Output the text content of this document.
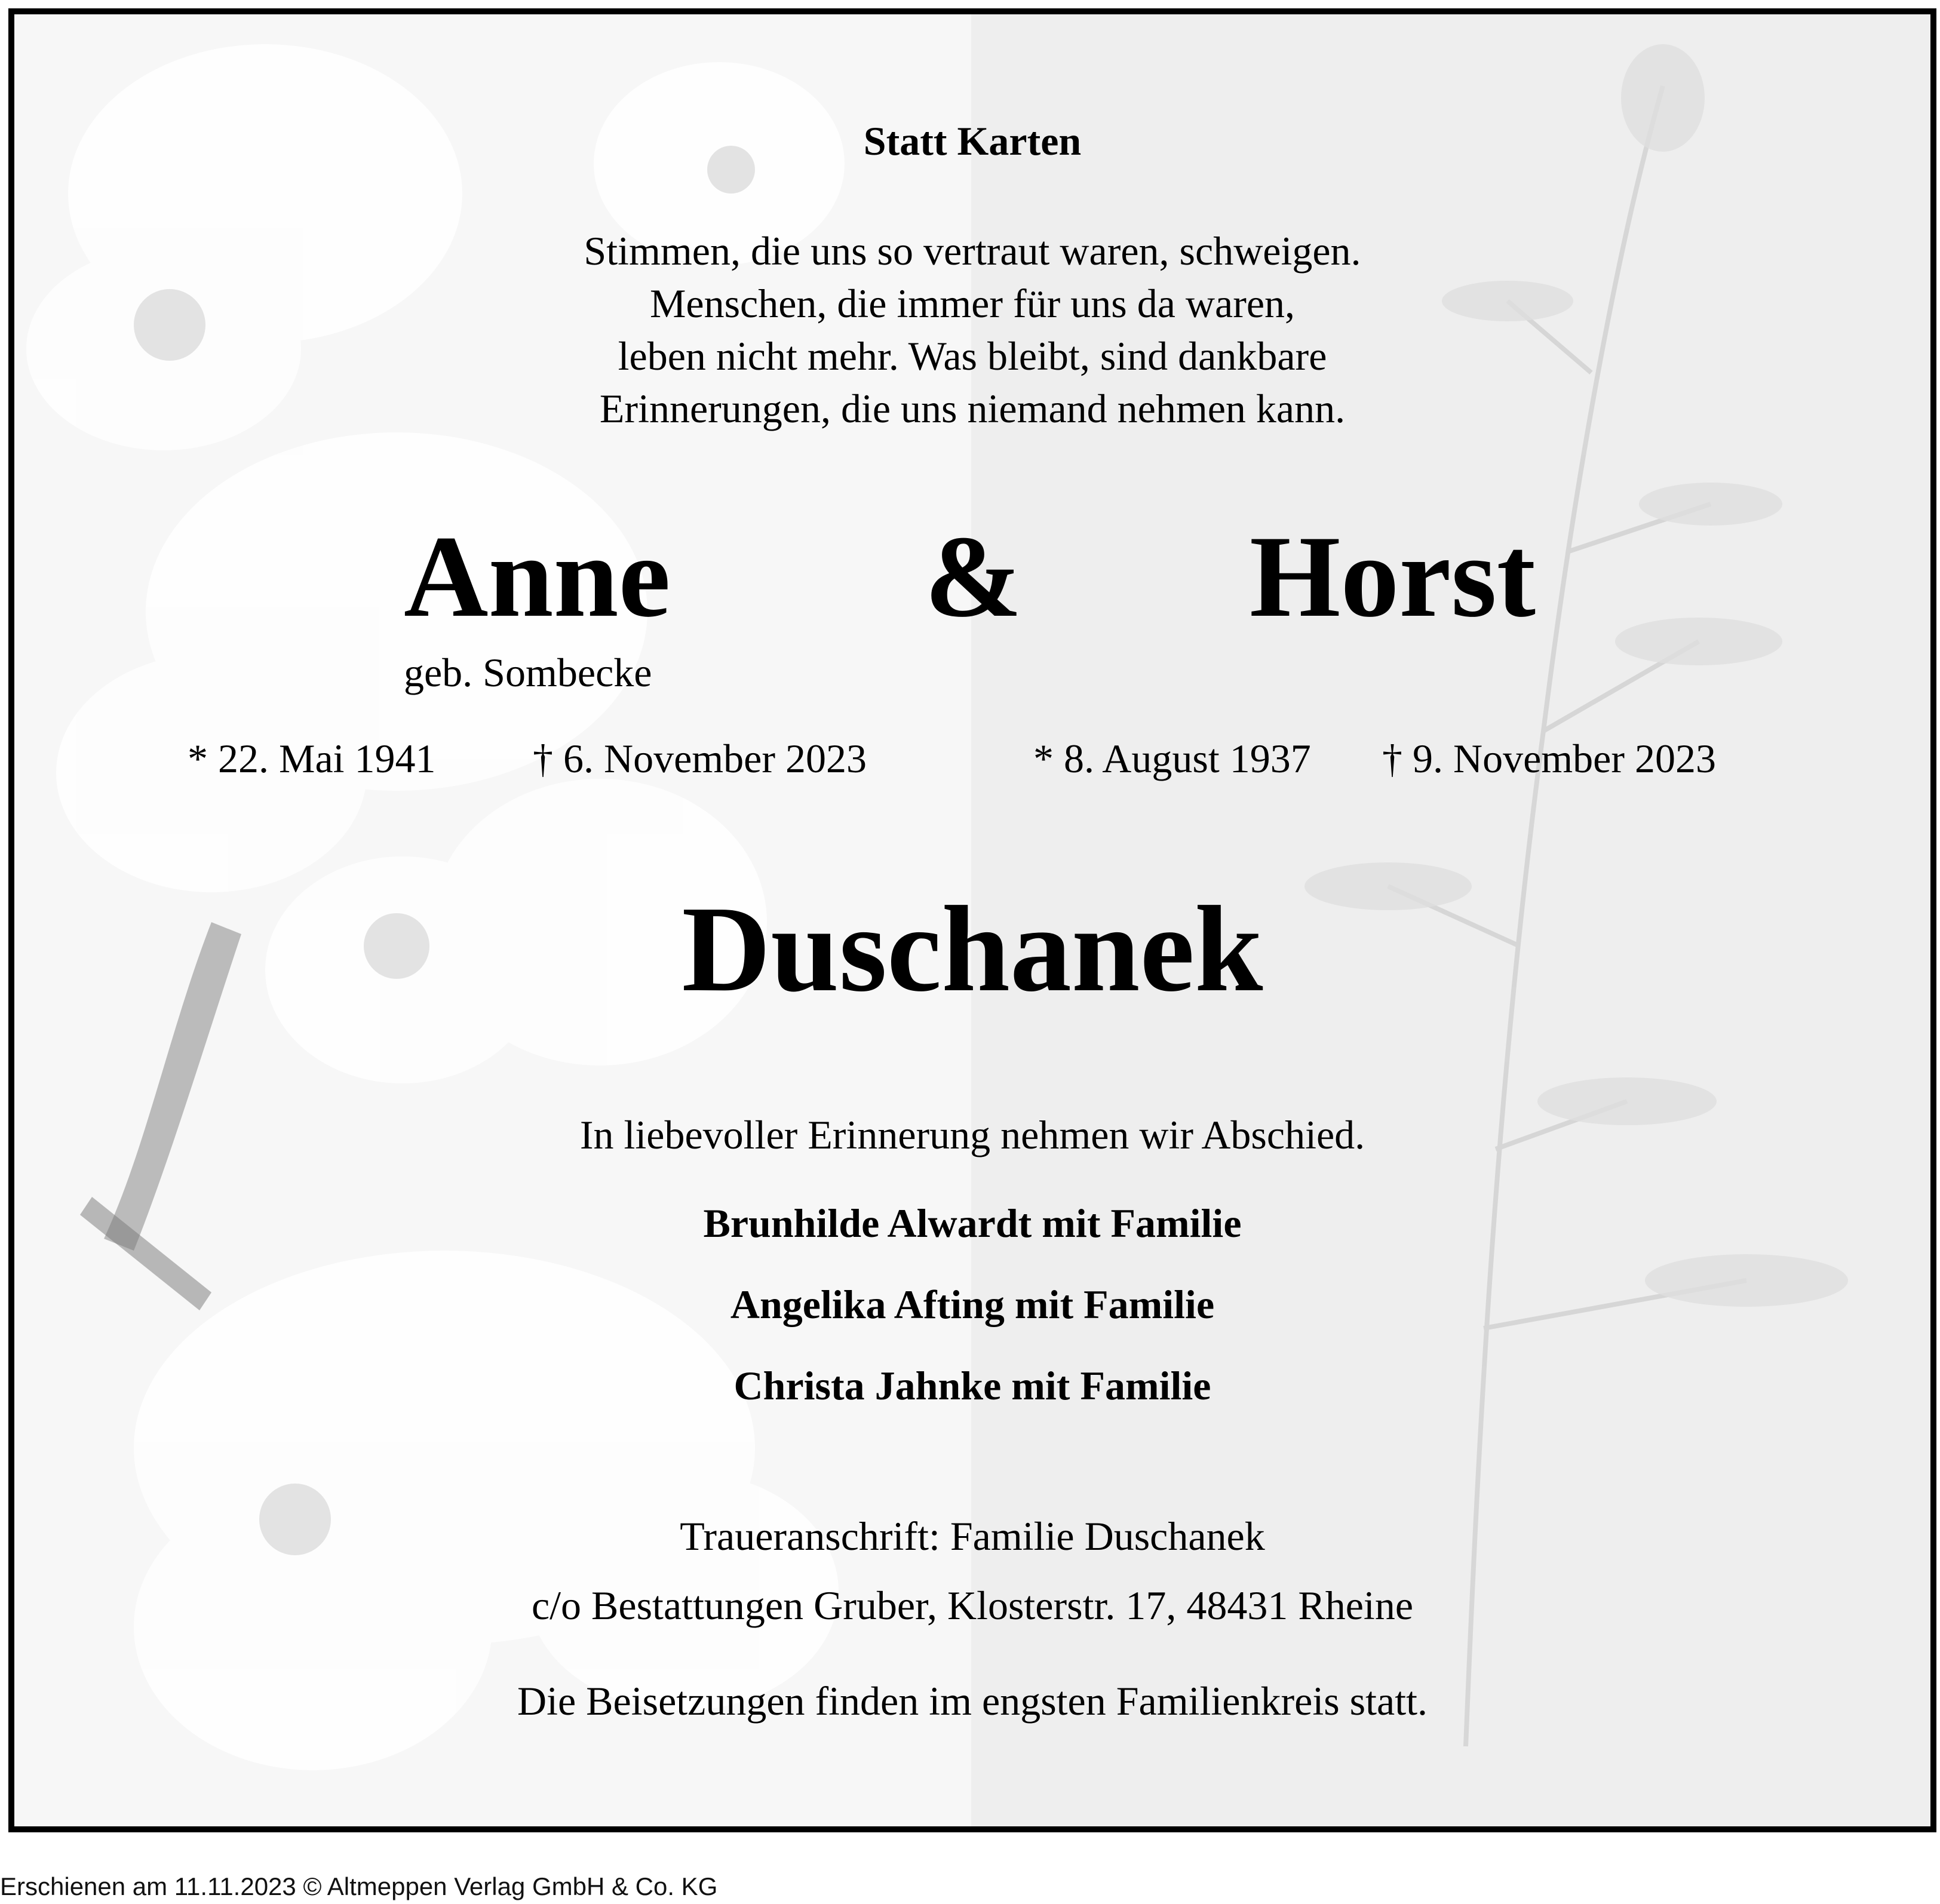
Statt Karten
Stimmen, die uns so vertraut waren, schweigen.
Menschen, die immer für uns da waren,
leben nicht mehr. Was bleibt, sind dankbare
Erinnerungen, die uns niemand nehmen kann.
Anne & Horst
geb. Sombecke
* 22. Mai 1941 † 6. November 2023	* 8. August 1937 † 9. November 2023
Duschanek
In liebevoller Erinnerung nehmen wir Abschied.
Brunhilde Alwardt mit Familie
Angelika Afting mit Familie
Christa Jahnke mit Familie
Traueranschrift: Familie Duschanek
c/o Bestattungen Gruber, Klosterstr. 17, 48431 Rheine
Die Beisetzungen finden im engsten Familienkreis statt.
Erschienen am 11.11.2023 © Altmeppen Verlag GmbH & Co. KG
